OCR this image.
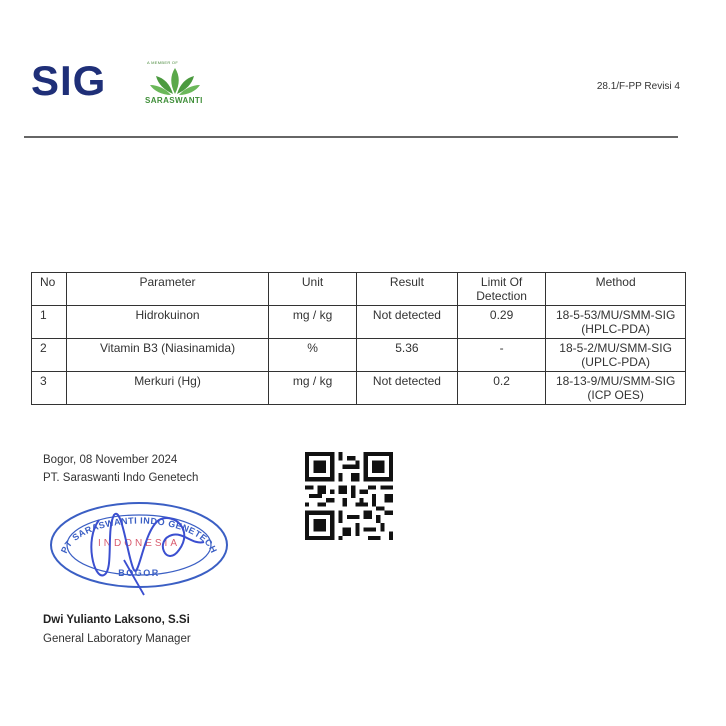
SIG	A MEMBER OF
SARASWANTI
28.1/F-PP Revisi 4
No	Parameter	Unit	Result	Limit Of Detection	Method
1	Hidrokuinon	mg / kg	Not detected	0.29	18-5-53/MU/SMM-SIG
(HPLC-PDA)

2	Vitamin B3 (Niasinamida)	%	5.36	-	18-5-2/MU/SMM-SIG
(UPLC-PDA)

3	Merkuri (Hg)	mg / kg	Not detected	0.2	18-13-9/MU/SMM-SIG
(ICP OES)
Bogor, 08 November 2024
PT. Saraswanti Indo Genetech
PT SARASWANTI INDO GENETECH
INDONESIA
BOGOR
Dwi Yulianto Laksono, S.Si
General Laboratory Manager
